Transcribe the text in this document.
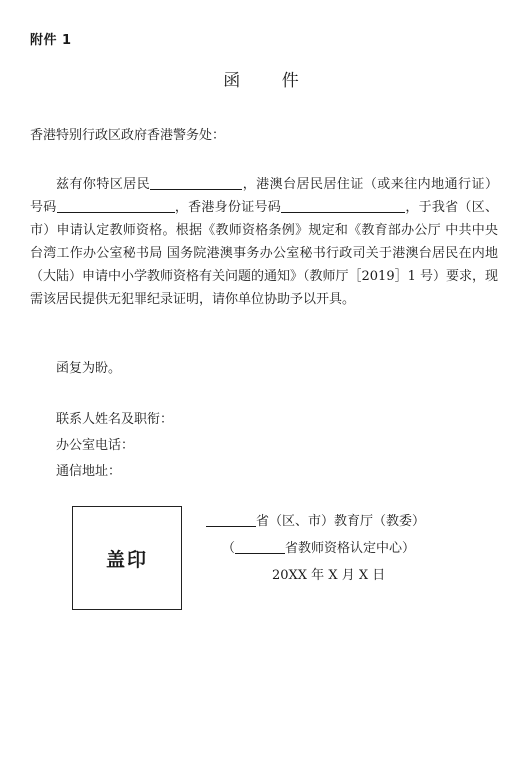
附件 1
函 件
香港特别行政区政府香港警务处：

兹有你特区居民	，港澳台居民居住证（或来往内地通行证）号码	，香港身份证号码	，于我省（区、市）申请认定教师资格。根据《教师资格条例》规定和《教育部办公厅 中共中央台湾工作办公室秘书局 国务院港澳事务办公室秘书行政司关于港澳台居民在内地（大陆）申请中小学教师资格有关问题的通知》（教师厅［2019］1 号）要求，现需该居民提供无犯罪纪录证明，请你单位协助予以开具。

函复为盼。
联系人姓名及职衔：
办公室电话：
通信地址：
盖印
省（区、市）教育厅（教委）
（	省教师资格认定中心）
20XX 年 X 月 X 日
